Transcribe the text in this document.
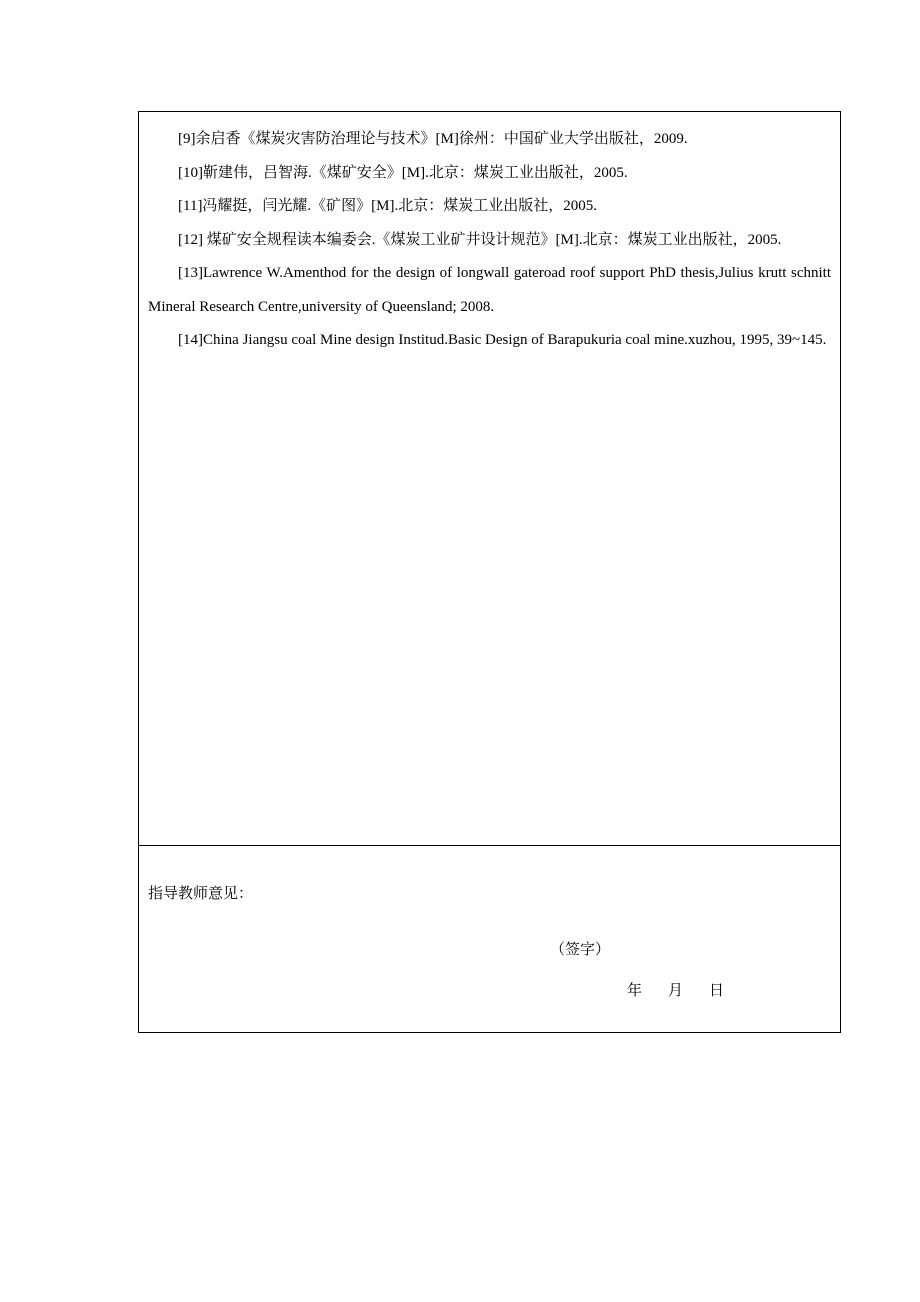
[9]余启香《煤炭灾害防治理论与技术》[M]徐州：中国矿业大学出版社，2009.

[10]靳建伟，吕智海.《煤矿安全》[M].北京：煤炭工业出版社，2005.

[11]冯耀挺，闫光耀.《矿图》[M].北京：煤炭工业出版社，2005.

[12] 煤矿安全规程读本编委会.《煤炭工业矿井设计规范》[M].北京：煤炭工业出版社，2005.

[13]Lawrence W.Amenthod for the design of longwall gateroad roof support PhD thesis,Julius krutt schnitt Mineral Research Centre,university of Queensland; 2008.

[14]China Jiangsu coal Mine design Institud.Basic Design of Barapukuria coal mine.xuzhou, 1995, 39~145.

指导教师意见：

（签字）
年 月 日
